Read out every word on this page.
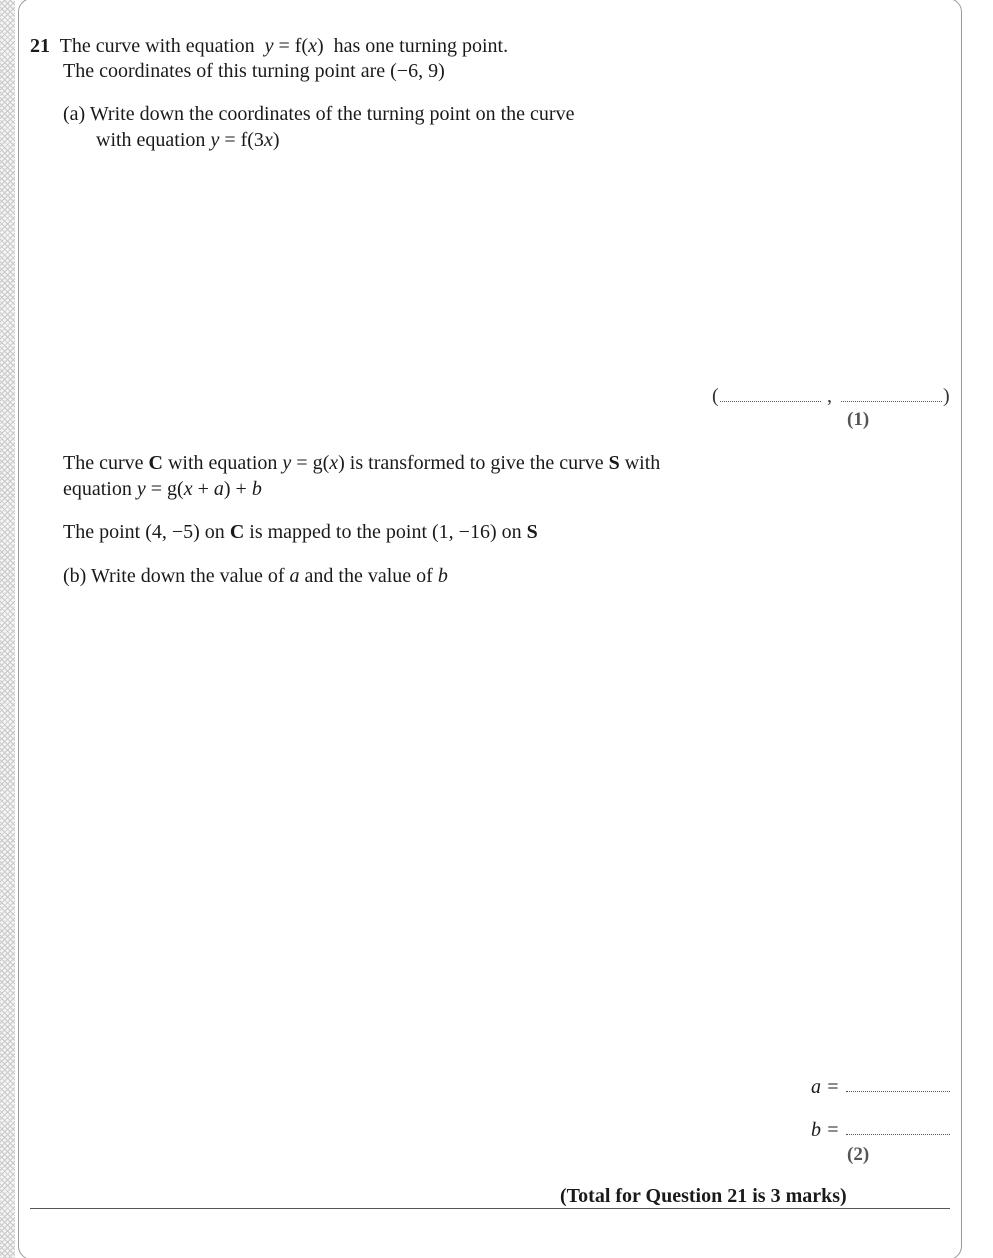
21 The curve with equation y = f(x)  has one turning point.
The coordinates of this turning point are (−6, 9)
(a) Write down the coordinates of the turning point on the curve
with equation y = f(3x)
(	,	)
(1)
The curve C with equation y = g(x) is transformed to give the curve S with
equation y = g(x + a) + b
The point (4, −5) on C is mapped to the point (1, −16) on S
(b) Write down the value of a and the value of b
a =
b =
(2)
(Total for Question 21 is 3 marks)
